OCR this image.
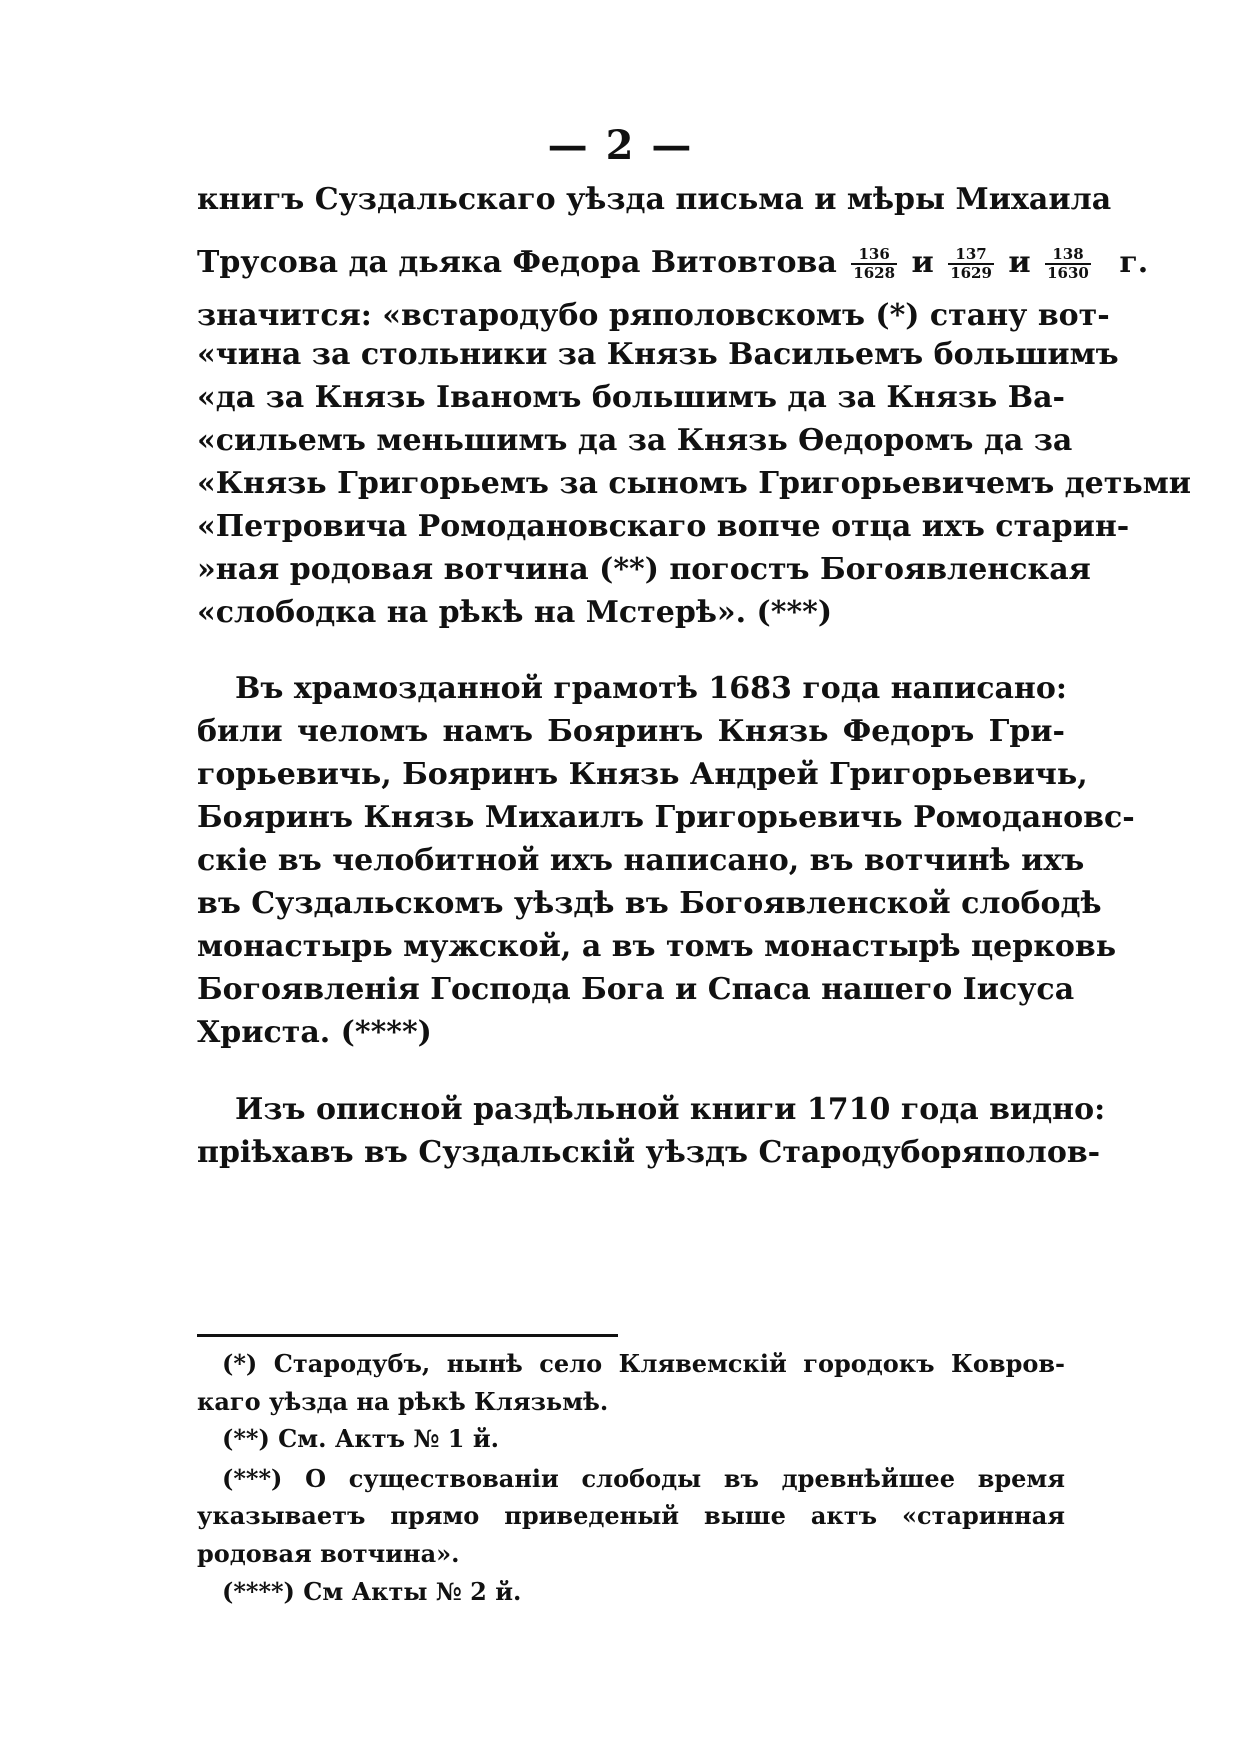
— 2 —
книгъ Суздальскаго уѣзда письма и мѣры Михаила
Трусова да дьяка Федора Витовтова $\frac{136}{1628}$ и $\frac{137}{1629}$ и $\frac{138}{1630} г$.
значится: «встародубо ряполовскомъ (*) стану вот-
«чина за стольники за Князь Васильемъ большимъ
«да за Князь Іваномъ большимъ да за Князь Ва-
«сильемъ меньшимъ да за Князь Ѳедоромъ да за
«Князь Григорьемъ за сыномъ Григорьевичемъ детьми
«Петровича Ромодановскаго вопче отца ихъ старин-
»ная родовая вотчина (**) погостъ Богоявленская
«слободка на рѣкѣ на Мстерѣ». (***)
Въ храмозданной грамотѣ 1683 года написано:
били челомъ намъ Бояринъ Князь Федоръ Гри-
горьевичь, Бояринъ Князь Андрей Григорьевичь,
Бояринъ Князь Михаилъ Григорьевичь Ромодановс-
скіе въ челобитной ихъ написано, въ вотчинѣ ихъ
въ Суздальскомъ уѣздѣ въ Богоявленской слободѣ
монастырь мужской, а въ томъ монастырѣ церковь
Богоявленія Господа Бога и Спаса нашего Іисуса
Христа. (****)
Изъ описной раздѣльной книги 1710 года видно:
пріѣхавъ въ Суздальскій уѣздъ Стародуборяполов-
(*) Стародубъ, нынѣ село Клявемскій городокъ Ковров-
каго уѣзда на рѣкѣ Клязьмѣ.
(**) См. Актъ № 1 й.
(***) О существованіи слободы въ древнѣйшее время
указываетъ прямо приведеный выше актъ «старинная
родовая вотчина».
(****) См Акты № 2 й.
